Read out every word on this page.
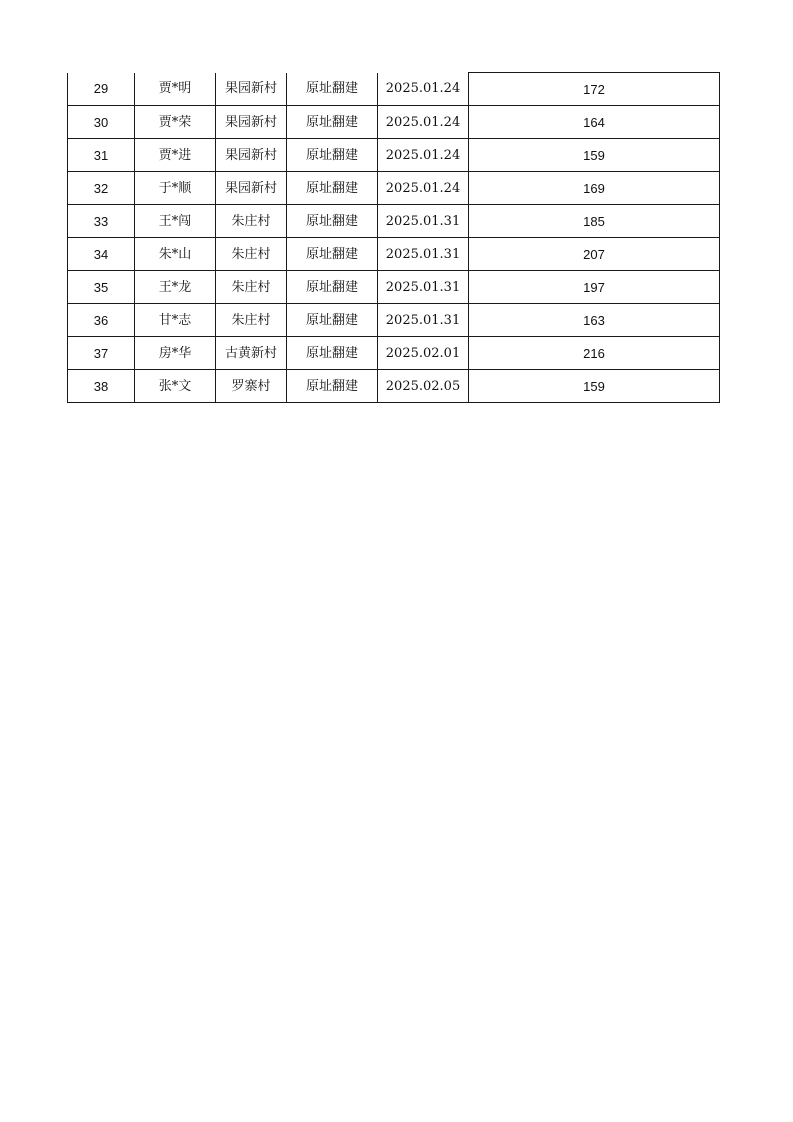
29	贾*明	果园新村	原址翻建	2025.01.24	172
30	贾*荣	果园新村	原址翻建	2025.01.24	164
31	贾*进	果园新村	原址翻建	2025.01.24	159
32	于*顺	果园新村	原址翻建	2025.01.24	169
33	王*闯	朱庄村	原址翻建	2025.01.31	185
34	朱*山	朱庄村	原址翻建	2025.01.31	207
35	王*龙	朱庄村	原址翻建	2025.01.31	197
36	甘*志	朱庄村	原址翻建	2025.01.31	163
37	房*华	古黄新村	原址翻建	2025.02.01	216
38	张*文	罗寨村	原址翻建	2025.02.05	159
